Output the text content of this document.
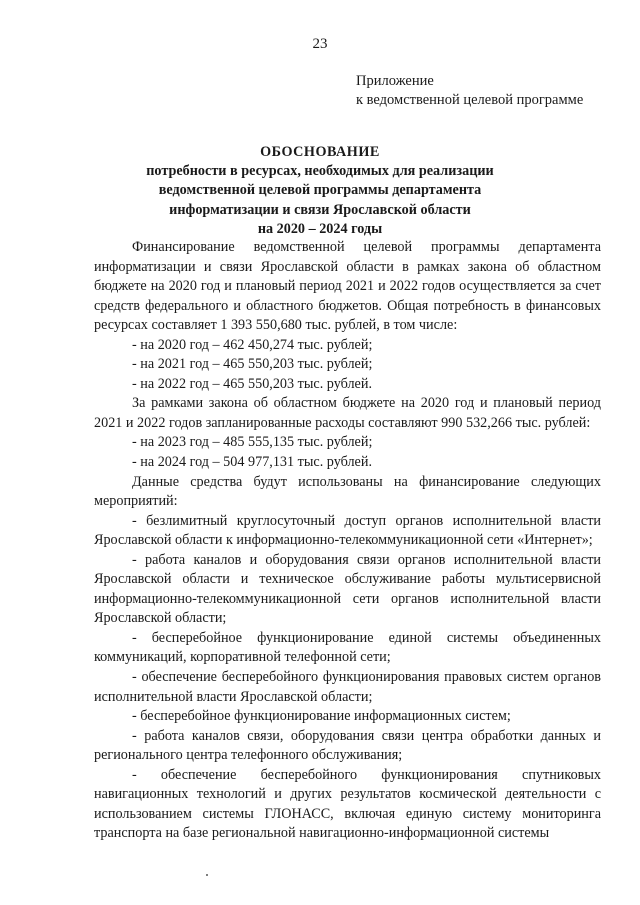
23
Приложение
к ведомственной целевой программе
ОБОСНОВАНИЕ
потребности в ресурсах, необходимых для реализации
ведомственной целевой программы департамента
информатизации и связи Ярославской области
на 2020 – 2024 годы

Финансирование ведомственной целевой программы департамента информатизации и связи Ярославской области в рамках закона об областном бюджете на 2020 год и плановый период 2021 и 2022 годов осуществляется за счет средств федерального и областного бюджетов. Общая потребность в финансовых ресурсах составляет 1 393 550,680 тыс. рублей, в том числе:

- на 2020 год – 462 450,274 тыс. рублей;

- на 2021 год – 465 550,203 тыс. рублей;

- на 2022 год – 465 550,203 тыс. рублей.

За рамками закона об областном бюджете на 2020 год и плановый период 2021 и 2022 годов запланированные расходы составляют 990 532,266 тыс. рублей:

- на 2023 год – 485 555,135 тыс. рублей;

- на 2024 год – 504 977,131 тыс. рублей.

Данные средства будут использованы на финансирование следующих мероприятий:

- безлимитный круглосуточный доступ органов исполнительной власти Ярославской области к информационно-телекоммуникационной сети «Интернет»;

- работа каналов и оборудования связи органов исполнительной власти Ярославской области и техническое обслуживание работы мультисервисной информационно-телекоммуникационной сети органов исполнительной власти Ярославской области;

- бесперебойное функционирование единой системы объединенных коммуникаций, корпоративной телефонной сети;

- обеспечение бесперебойного функционирования правовых систем органов исполнительной власти Ярославской области;

- бесперебойное функционирование информационных систем;

- работа каналов связи, оборудования связи центра обработки данных и регионального центра телефонного обслуживания;

- обеспечение бесперебойного функционирования спутниковых навигационных технологий и других результатов космической деятельности с использованием системы ГЛОНАСС, включая единую систему мониторинга транспорта на базе региональной навигационно-информационной системы
